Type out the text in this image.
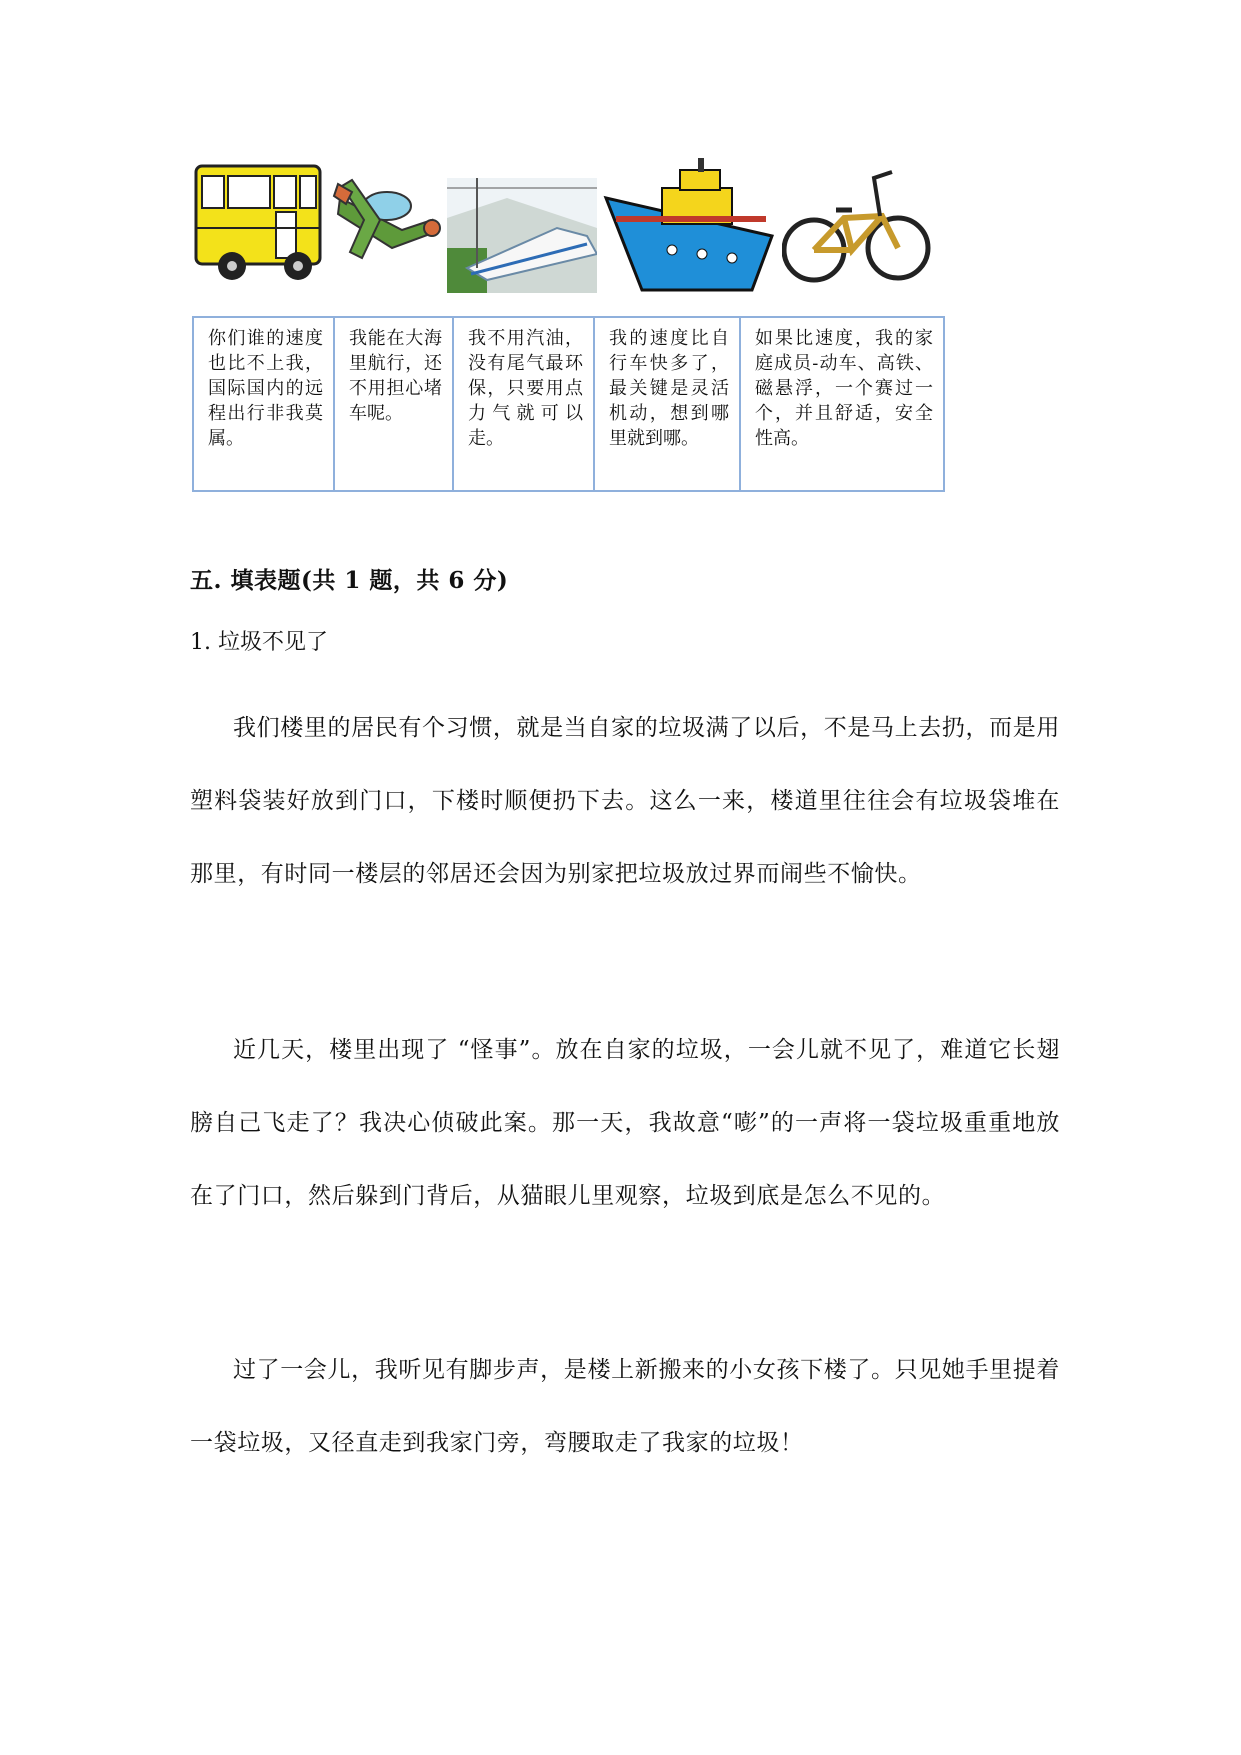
你们谁的速度也比不上我，国际国内的远程出行非我莫属。
我能在大海里航行，还不用担心堵车呢。
我不用汽油，没有尾气最环保，只要用点力气就可以走。
我的速度比自行车快多了，最关键是灵活机动，想到哪里就到哪。
如果比速度，我的家庭成员-动车、高铁、磁悬浮，一个赛过一个，并且舒适，安全性高。
五. 填表题(共 1 题，共 6 分)
1. 垃圾不见了
我们楼里的居民有个习惯，就是当自家的垃圾满了以后，不是马上去扔，而是用塑料袋装好放到门口，下楼时顺便扔下去。这么一来，楼道里往往会有垃圾袋堆在那里，有时同一楼层的邻居还会因为别家把垃圾放过界而闹些不愉快。
近几天，楼里出现了 “怪事”。放在自家的垃圾，一会儿就不见了，难道它长翅膀自己飞走了？我决心侦破此案。那一天，我故意“嘭”的一声将一袋垃圾重重地放在了门口，然后躲到门背后，从猫眼儿里观察，垃圾到底是怎么不见的。
过了一会儿，我听见有脚步声，是楼上新搬来的小女孩下楼了。只见她手里提着一袋垃圾，又径直走到我家门旁，弯腰取走了我家的垃圾！
